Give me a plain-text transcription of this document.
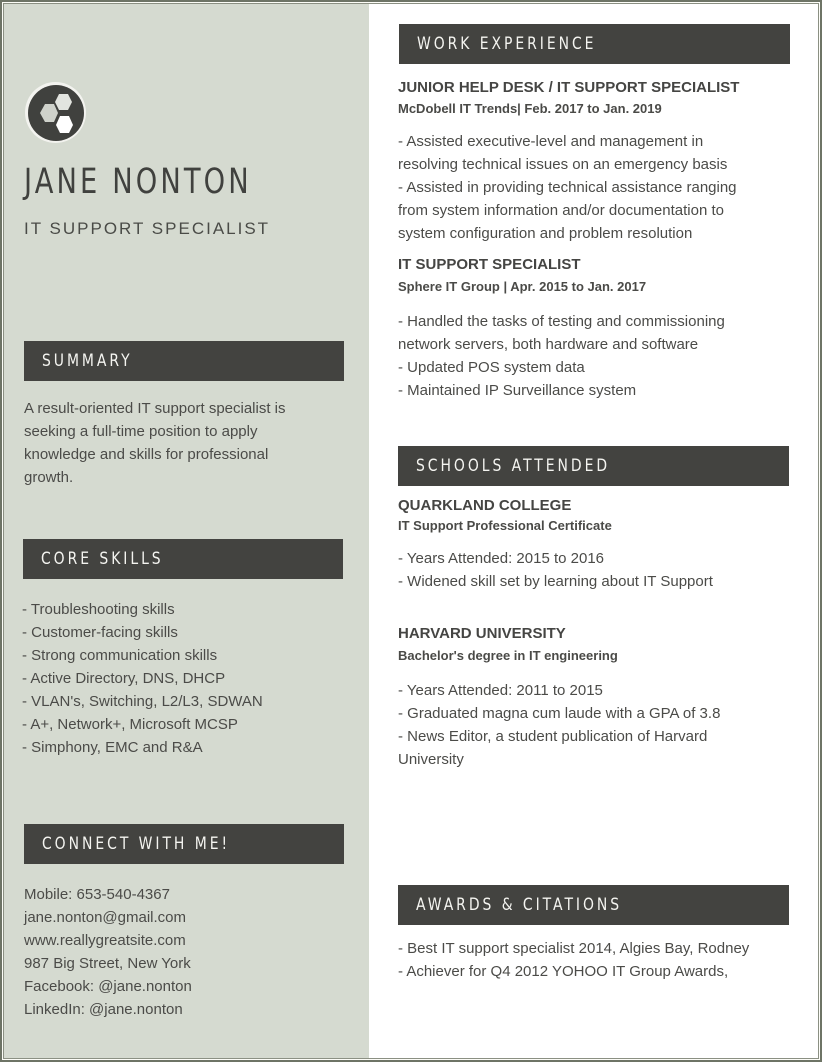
JANE NONTON
IT SUPPORT SPECIALIST
SUMMARY
A result-oriented IT support specialist is
seeking a full-time position to apply
knowledge and skills for professional
growth.
CORE SKILLS
- Troubleshooting skills
- Customer-facing skills
- Strong communication skills
- Active Directory, DNS, DHCP
- VLAN's, Switching, L2/L3, SDWAN
- A+, Network+, Microsoft MCSP
- Simphony, EMC and R&A
CONNECT WITH ME!
Mobile: 653-540-4367
jane.nonton@gmail.com
www.reallygreatsite.com
987 Big Street, New York
Facebook: @jane.nonton
LinkedIn: @jane.nonton
WORK EXPERIENCE
JUNIOR HELP DESK / IT SUPPORT SPECIALIST
McDobell IT Trends| Feb. 2017 to Jan. 2019
- Assisted executive-level and management in
resolving technical issues on an emergency basis
- Assisted in providing technical assistance ranging
from system information and/or documentation to
system configuration and problem resolution
IT SUPPORT SPECIALIST
Sphere IT Group | Apr. 2015 to Jan. 2017
- Handled the tasks of testing and commissioning
network servers, both hardware and software
- Updated POS system data
- Maintained IP Surveillance system
SCHOOLS ATTENDED
QUARKLAND COLLEGE
IT Support Professional Certificate
- Years Attended: 2015 to 2016
- Widened skill set by learning about IT Support
HARVARD UNIVERSITY
Bachelor's degree in IT engineering
- Years Attended: 2011 to 2015
- Graduated magna cum laude with a GPA of 3.8
- News Editor, a student publication of Harvard
University
AWARDS & CITATIONS
- Best IT support specialist 2014, Algies Bay, Rodney
- Achiever for Q4 2012 YOHOO IT Group Awards,
